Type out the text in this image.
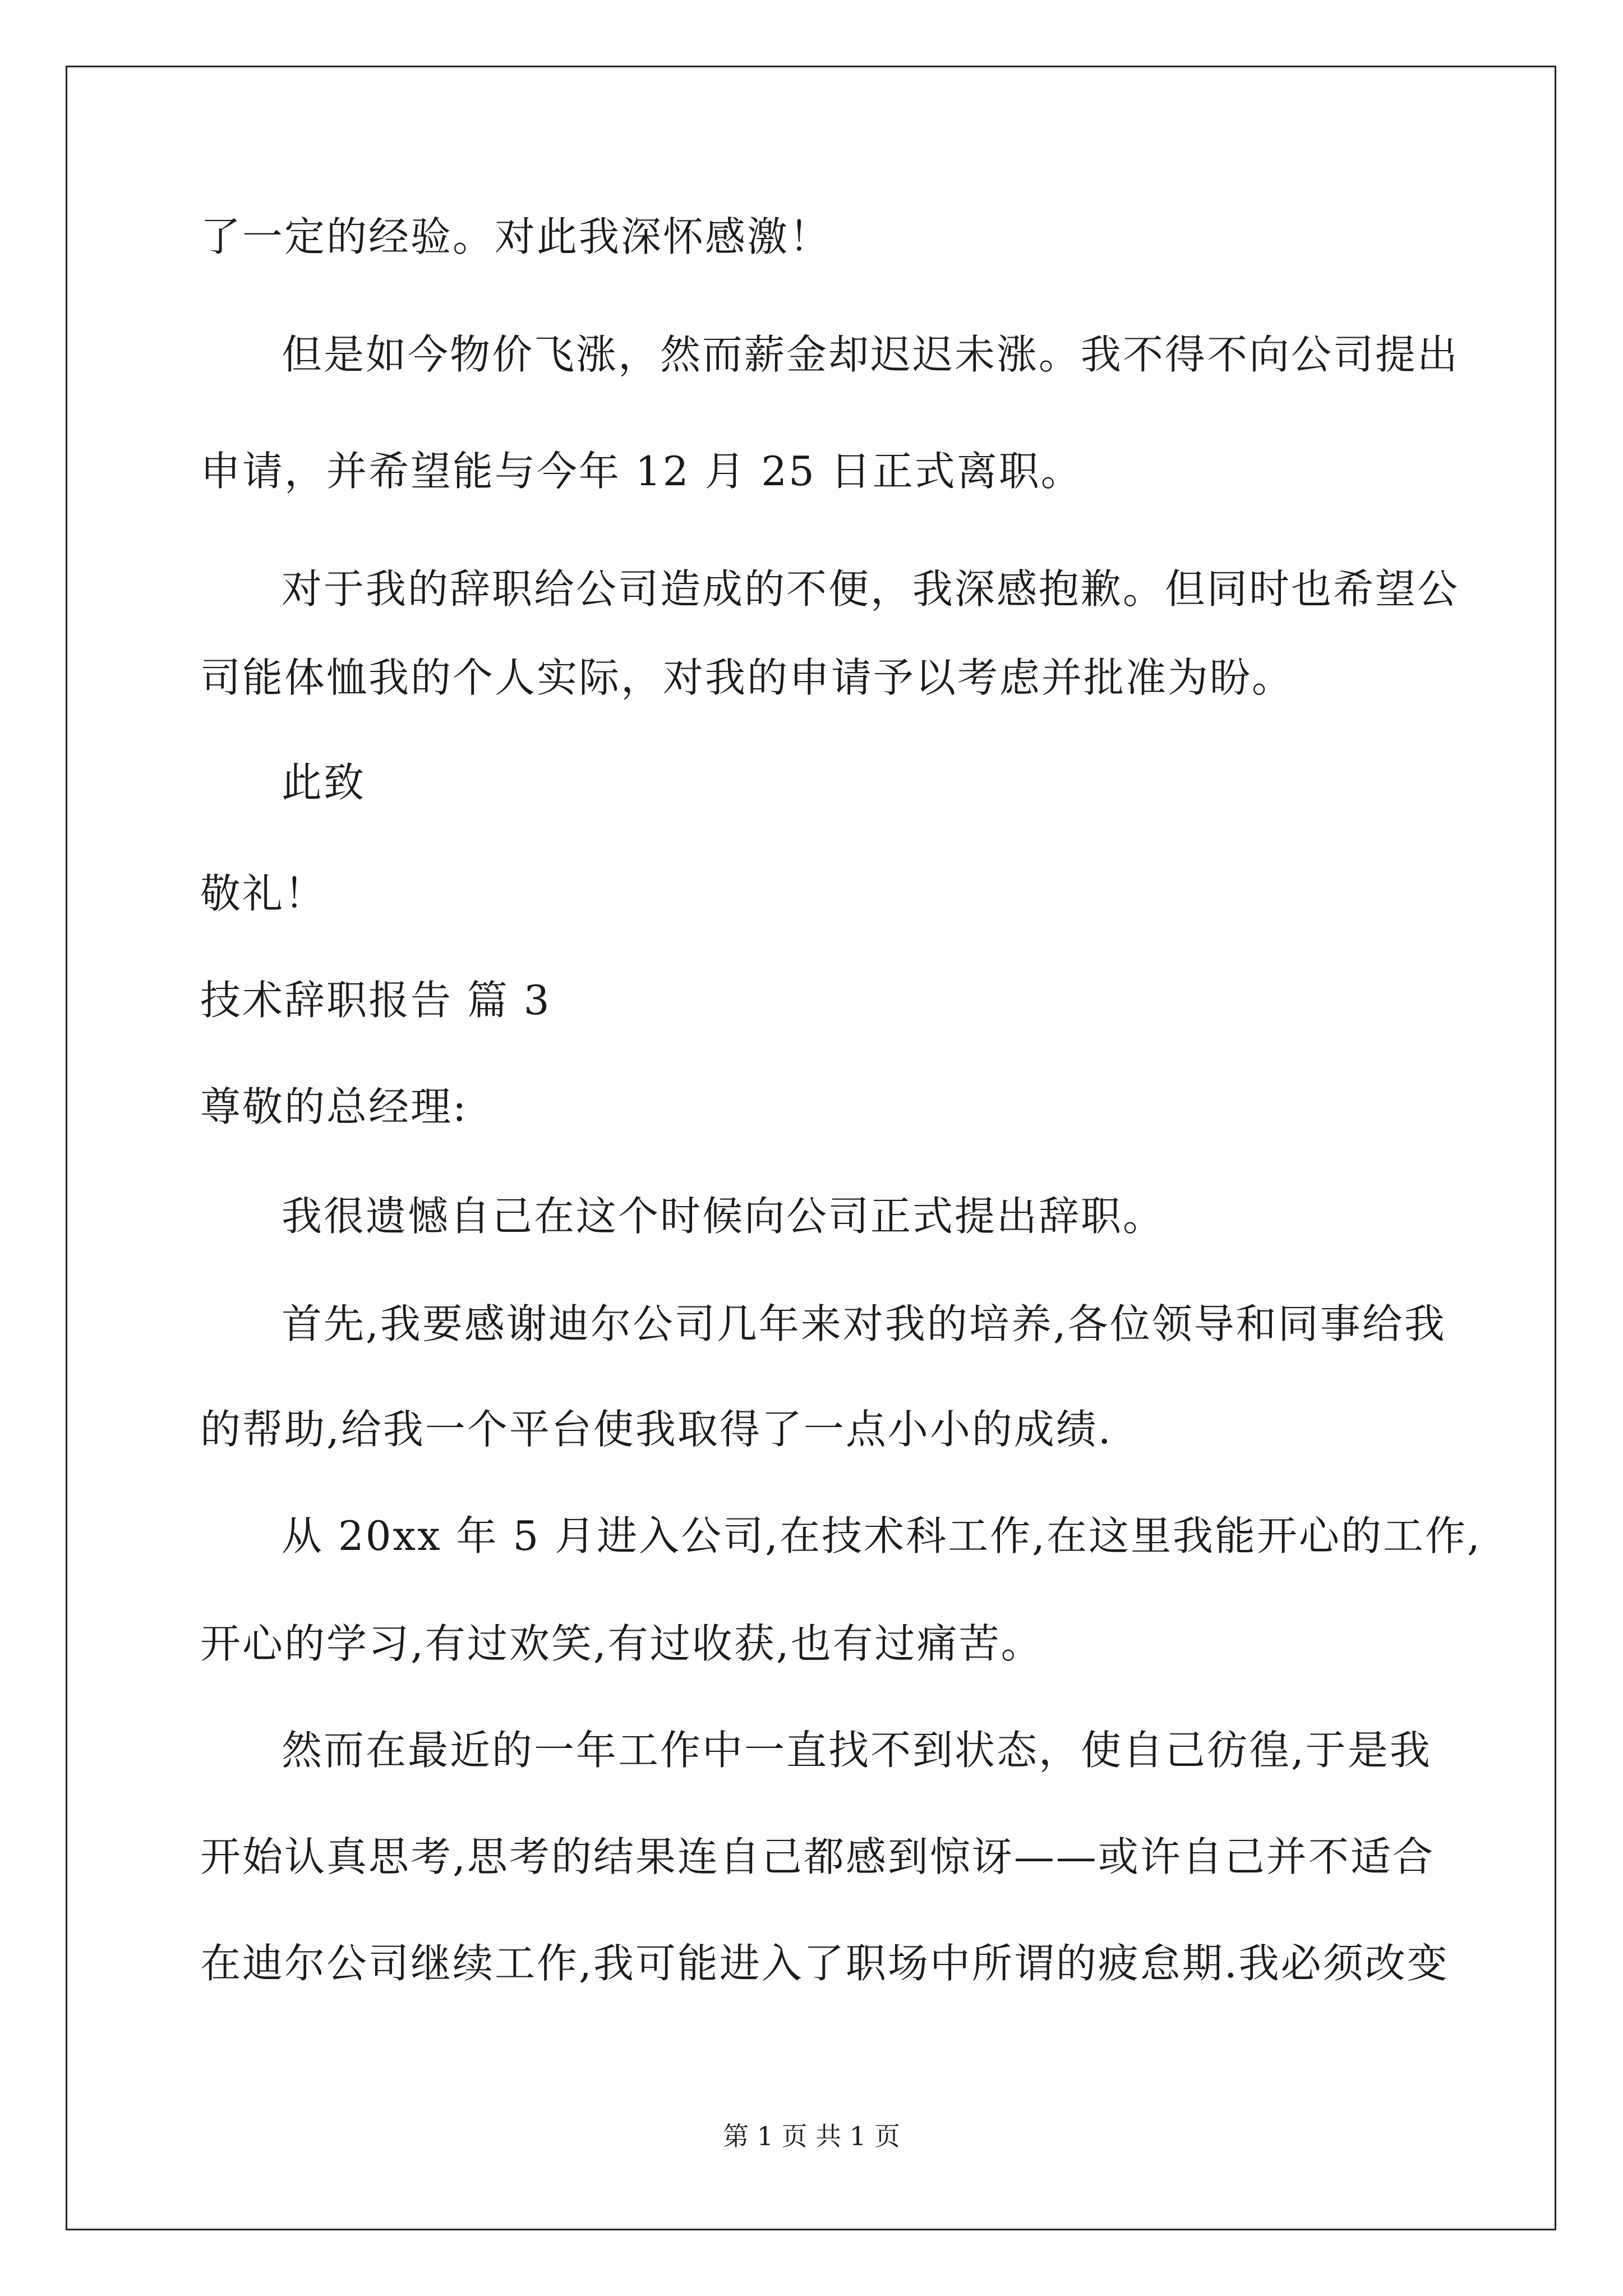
了一定的经验。对此我深怀感激！
但是如今物价飞涨，然而薪金却迟迟未涨。我不得不向公司提出
申请，并希望能与今年 12 月 25 日正式离职。
对于我的辞职给公司造成的不便，我深感抱歉。但同时也希望公
司能体恤我的个人实际，对我的申请予以考虑并批准为盼。
此致
敬礼！
技术辞职报告 篇 3
尊敬的总经理:
我很遗憾自己在这个时候向公司正式提出辞职。
首先,我要感谢迪尔公司几年来对我的培养,各位领导和同事给我
的帮助,给我一个平台使我取得了一点小小的成绩.
从 20xx 年 5 月进入公司,在技术科工作,在这里我能开心的工作,
开心的学习,有过欢笑,有过收获,也有过痛苦。
然而在最近的一年工作中一直找不到状态，使自己彷徨,于是我
开始认真思考,思考的结果连自己都感到惊讶——或许自己并不适合
在迪尔公司继续工作,我可能进入了职场中所谓的疲怠期.我必须改变
第 1 页 共 1 页
